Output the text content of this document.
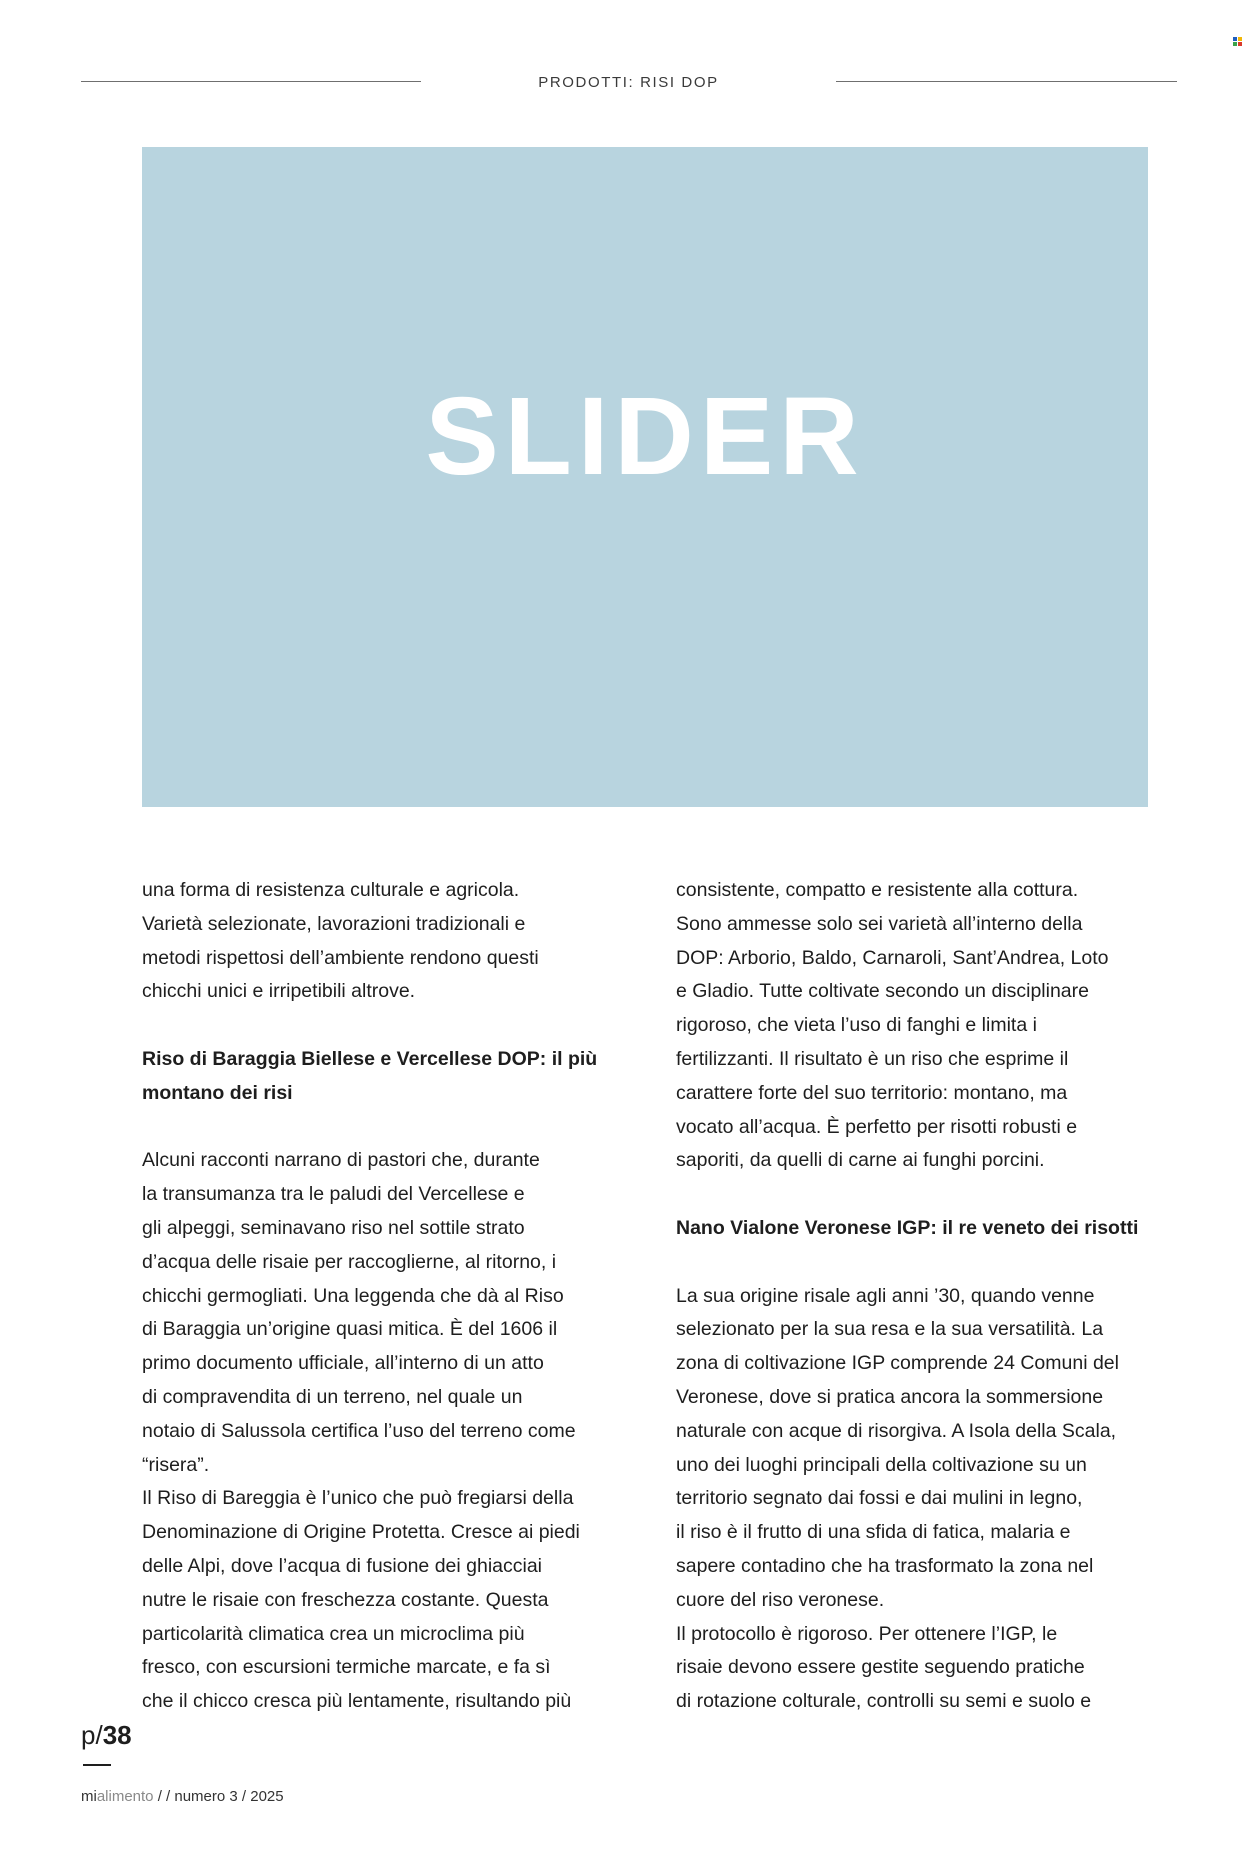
PRODOTTI: RISI DOP
SLIDER

una forma di resistenza culturale e agricola.
Varietà selezionate, lavorazioni tradizionali e
metodi rispettosi dell’ambiente rendono questi
chicchi unici e irripetibili altrove.

Riso di Baraggia Biellese e Vercellese DOP: il più
montano dei risi

Alcuni racconti narrano di pastori che, durante
la transumanza tra le paludi del Vercellese e
gli alpeggi, seminavano riso nel sottile strato
d’acqua delle risaie per raccoglierne, al ritorno, i
chicchi germogliati. Una leggenda che dà al Riso
di Baraggia un’origine quasi mitica. È del 1606 il
primo documento ufficiale, all’interno di un atto
di compravendita di un terreno, nel quale un
notaio di Salussola certifica l’uso del terreno come
“risera”.

Il Riso di Bareggia è l’unico che può fregiarsi della
Denominazione di Origine Protetta. Cresce ai piedi
delle Alpi, dove l’acqua di fusione dei ghiacciai
nutre le risaie con freschezza costante. Questa
particolarità climatica crea un microclima più
fresco, con escursioni termiche marcate, e fa sì
che il chicco cresca più lentamente, risultando più

consistente, compatto e resistente alla cottura.
Sono ammesse solo sei varietà all’interno della
DOP: Arborio, Baldo, Carnaroli, Sant’Andrea, Loto
e Gladio. Tutte coltivate secondo un disciplinare
rigoroso, che vieta l’uso di fanghi e limita i
fertilizzanti. Il risultato è un riso che esprime il
carattere forte del suo territorio: montano, ma
vocato all’acqua. È perfetto per risotti robusti e
saporiti, da quelli di carne ai funghi porcini.

Nano Vialone Veronese IGP: il re veneto dei risotti

La sua origine risale agli anni ’30, quando venne
selezionato per la sua resa e la sua versatilità. La
zona di coltivazione IGP comprende 24 Comuni del
Veronese, dove si pratica ancora la sommersione
naturale con acque di risorgiva. A Isola della Scala,
uno dei luoghi principali della coltivazione su un
territorio segnato dai fossi e dai mulini in legno,
il riso è il frutto di una sfida di fatica, malaria e
sapere contadino che ha trasformato la zona nel
cuore del riso veronese.

Il protocollo è rigoroso. Per ottenere l’IGP, le
risaie devono essere gestite seguendo pratiche
di rotazione colturale, controlli su semi e suolo e

p/38
mialimento / / numero 3 / 2025
